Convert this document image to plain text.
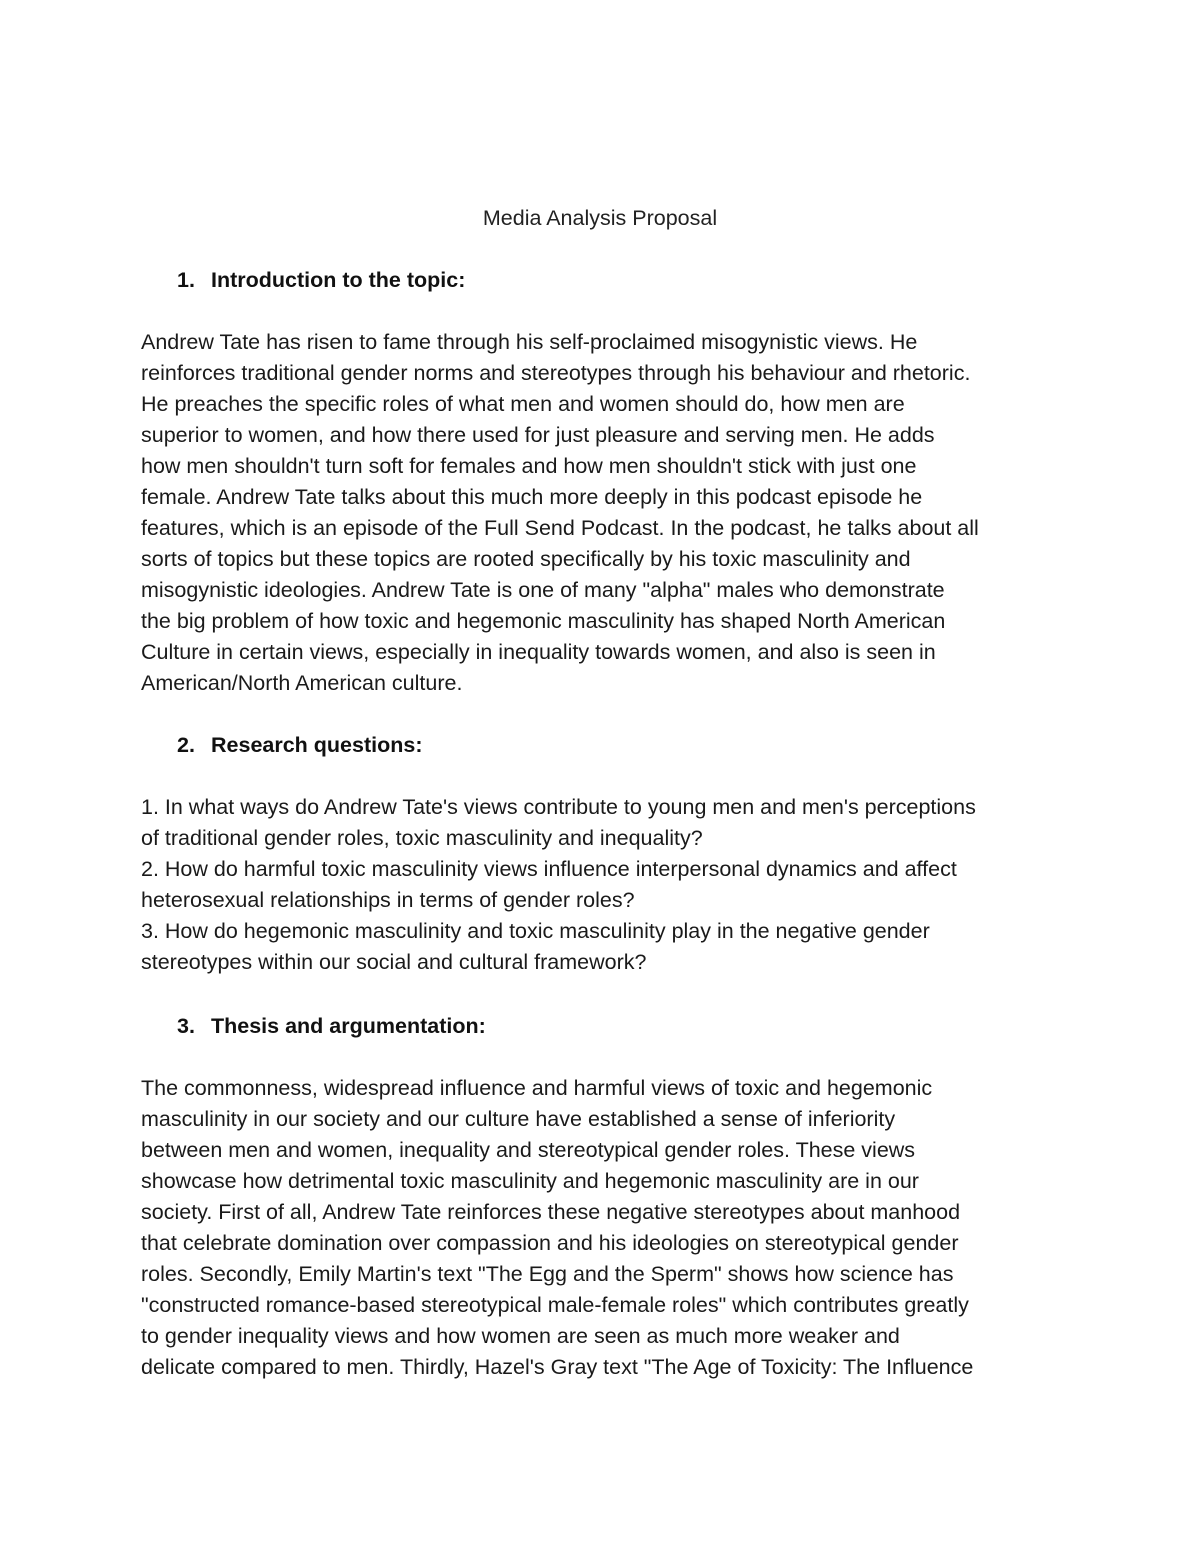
Media Analysis Proposal
1. Introduction to the topic:
Andrew Tate has risen to fame through his self-proclaimed misogynistic views. He
reinforces traditional gender norms and stereotypes through his behaviour and rhetoric.
He preaches the specific roles of what men and women should do, how men are
superior to women, and how there used for just pleasure and serving men. He adds
how men shouldn't turn soft for females and how men shouldn't stick with just one
female. Andrew Tate talks about this much more deeply in this podcast episode he
features, which is an episode of the Full Send Podcast. In the podcast, he talks about all
sorts of topics but these topics are rooted specifically by his toxic masculinity and
misogynistic ideologies. Andrew Tate is one of many "alpha" males who demonstrate
the big problem of how toxic and hegemonic masculinity has shaped North American
Culture in certain views, especially in inequality towards women, and also is seen in
American/North American culture.
2. Research questions:
1. In what ways do Andrew Tate's views contribute to young men and men's perceptions
of traditional gender roles, toxic masculinity and inequality?
2. How do harmful toxic masculinity views influence interpersonal dynamics and affect
heterosexual relationships in terms of gender roles?
3. How do hegemonic masculinity and toxic masculinity play in the negative gender
stereotypes within our social and cultural framework?
3. Thesis and argumentation:
The commonness, widespread influence and harmful views of toxic and hegemonic
masculinity in our society and our culture have established a sense of inferiority
between men and women, inequality and stereotypical gender roles. These views
showcase how detrimental toxic masculinity and hegemonic masculinity are in our
society. First of all, Andrew Tate reinforces these negative stereotypes about manhood
that celebrate domination over compassion and his ideologies on stereotypical gender
roles. Secondly, Emily Martin's text "The Egg and the Sperm" shows how science has
"constructed romance-based stereotypical male-female roles" which contributes greatly
to gender inequality views and how women are seen as much more weaker and
delicate compared to men. Thirdly, Hazel's Gray text "The Age of Toxicity: The Influence
